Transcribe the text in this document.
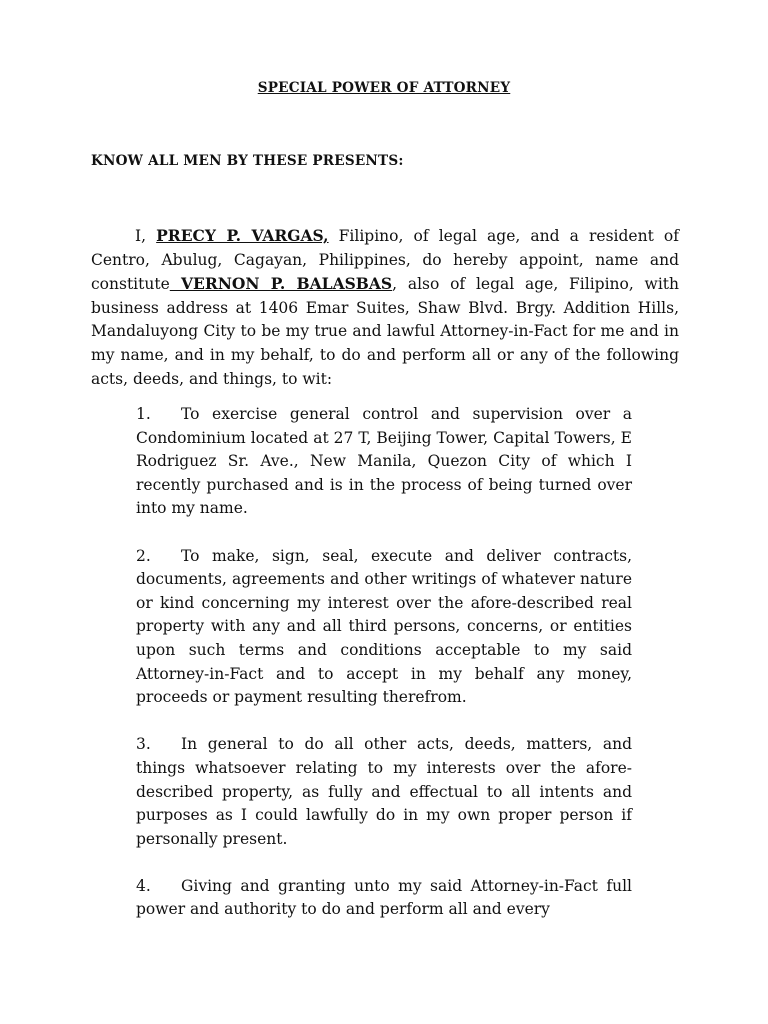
SPECIAL POWER OF ATTORNEY

KNOW ALL MEN BY THESE PRESENTS:

I, PRECY P. VARGAS, Filipino, of legal age, and a resident of Centro, Abulug, Cagayan, Philippines, do hereby appoint, name and constitute VERNON P. BALASBAS, also of legal age, Filipino, with business address at 1406 Emar Suites, Shaw Blvd. Brgy. Addition Hills, Mandaluyong City to be my true and lawful Attorney-in-Fact for me and in my name, and in my behalf, to do and perform all or any of the following acts, deeds, and things, to wit:

1. To exercise general control and supervision over a Condominium located at 27 T, Beijing Tower, Capital Towers, E Rodriguez Sr. Ave., New Manila, Quezon City of which I recently purchased and is in the process of being turned over into my name.
2. To make, sign, seal, execute and deliver contracts, documents, agreements and other writings of whatever nature or kind concerning my interest over the afore-described real property with any and all third persons, concerns, or entities upon such terms and conditions acceptable to my said Attorney-in-Fact and to accept in my behalf any money, proceeds or payment resulting therefrom.
3. In general to do all other acts, deeds, matters, and things whatsoever relating to my interests over the afore-described property, as fully and effectual to all intents and purposes as I could lawfully do in my own proper person if personally present.
4. Giving and granting unto my said Attorney-in-Fact full power and authority to do and perform all and every
